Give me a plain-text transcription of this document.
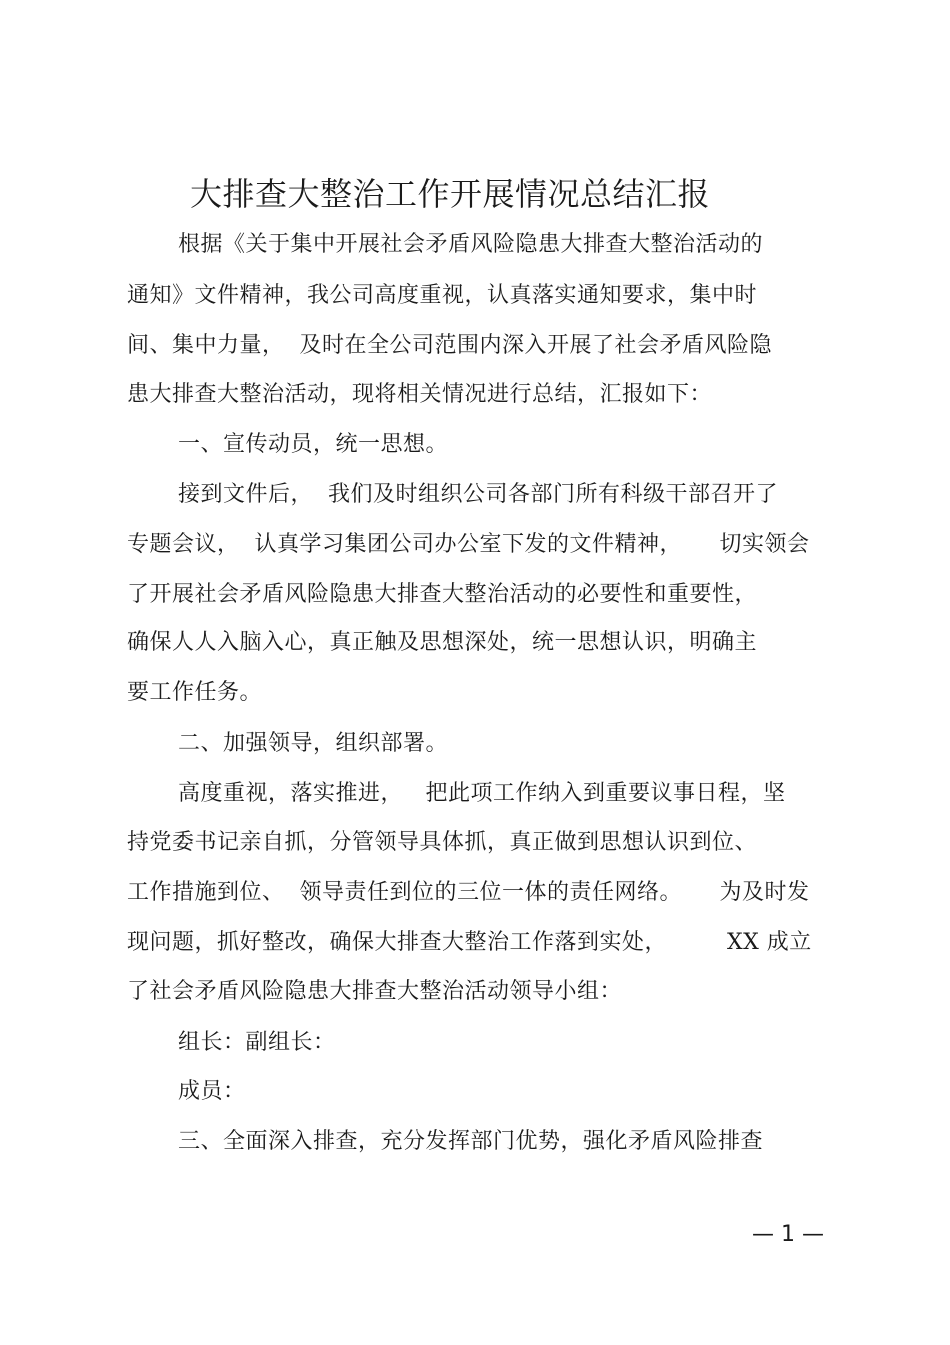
大排查大整治工作开展情况总结汇报
根据《关于集中开展社会矛盾风险隐患大排查大整治活动的
通知》文件精神，我公司高度重视，认真落实通知要求，集中时
间、集中力量，  及时在全公司范围内深入开展了社会矛盾风险隐
患大排查大整治活动，现将相关情况进行总结，汇报如下：
一、宣传动员，统一思想。
接到文件后，  我们及时组织公司各部门所有科级干部召开了
专题会议，  认真学习集团公司办公室下发的文件精神，     切实领会
了开展社会矛盾风险隐患大排查大整治活动的必要性和重要性，
确保人人入脑入心，真正触及思想深处，统一思想认识，明确主
要工作任务。
二、加强领导，组织部署。
高度重视，落实推进，   把此项工作纳入到重要议事日程，坚
持党委书记亲自抓，分管领导具体抓，真正做到思想认识到位、
工作措施到位、  领导责任到位的三位一体的责任网络。     为及时发
现问题，抓好整改，确保大排查大整治工作落到实处，        XX 成立
了社会矛盾风险隐患大排查大整治活动领导小组：
组长：副组长：
成员：
三、全面深入排查，充分发挥部门优势，强化矛盾风险排查
— 1 —
